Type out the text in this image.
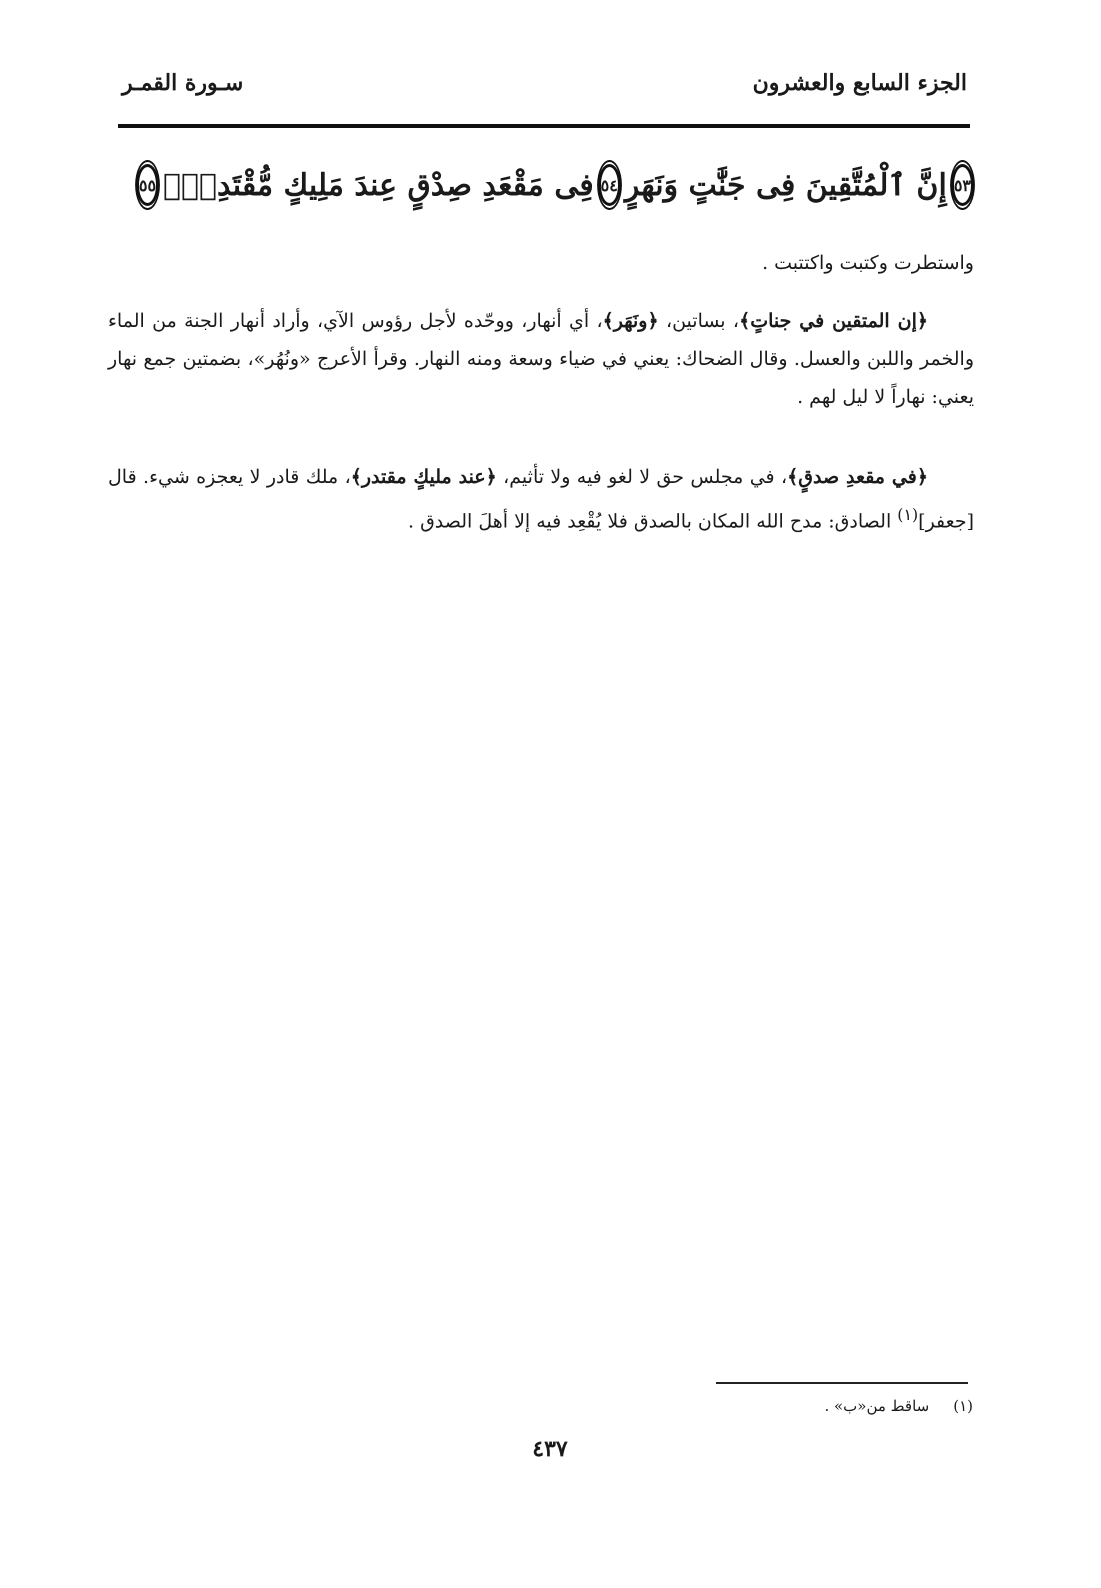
الجزء السابع والعشرون
سـورة القمـر
٥٣
إِنَّ ٱلْمُتَّقِينَ فِى جَنَّٰتٍ وَنَهَرٍ
٥٤
فِى مَقْعَدِ صِدْقٍ عِندَ مَلِيكٍ مُّقْتَدِرٍۭ
٥٥
واستطرت وكتبت واكتتبت .
﴿إن المتقين في جناتٍ﴾، بساتين، ﴿ونَهَر﴾، أي أنهار، ووحّده لأجل رؤوس الآي، وأراد أنهار الجنة من الماء والخمر واللبن والعسل. وقال الضحاك: يعني في ضياء وسعة ومنه النهار. وقرأ الأعرج «ونُهُر»، بضمتين جمع نهار يعني: نهاراً لا ليل لهم .
﴿في مقعدِ صدقٍ﴾، في مجلس حق لا لغو فيه ولا تأثيم، ﴿عند مليكٍ مقتدر﴾، ملك قادر لا يعجزه شيء. قال [جعفر]$^{(١)}$ الصادق: مدح الله المكان بالصدق فلا يُقْعِد فيه إلا أهلَ الصدق .
(١)ساقط من«ب» .
٤٣٧
